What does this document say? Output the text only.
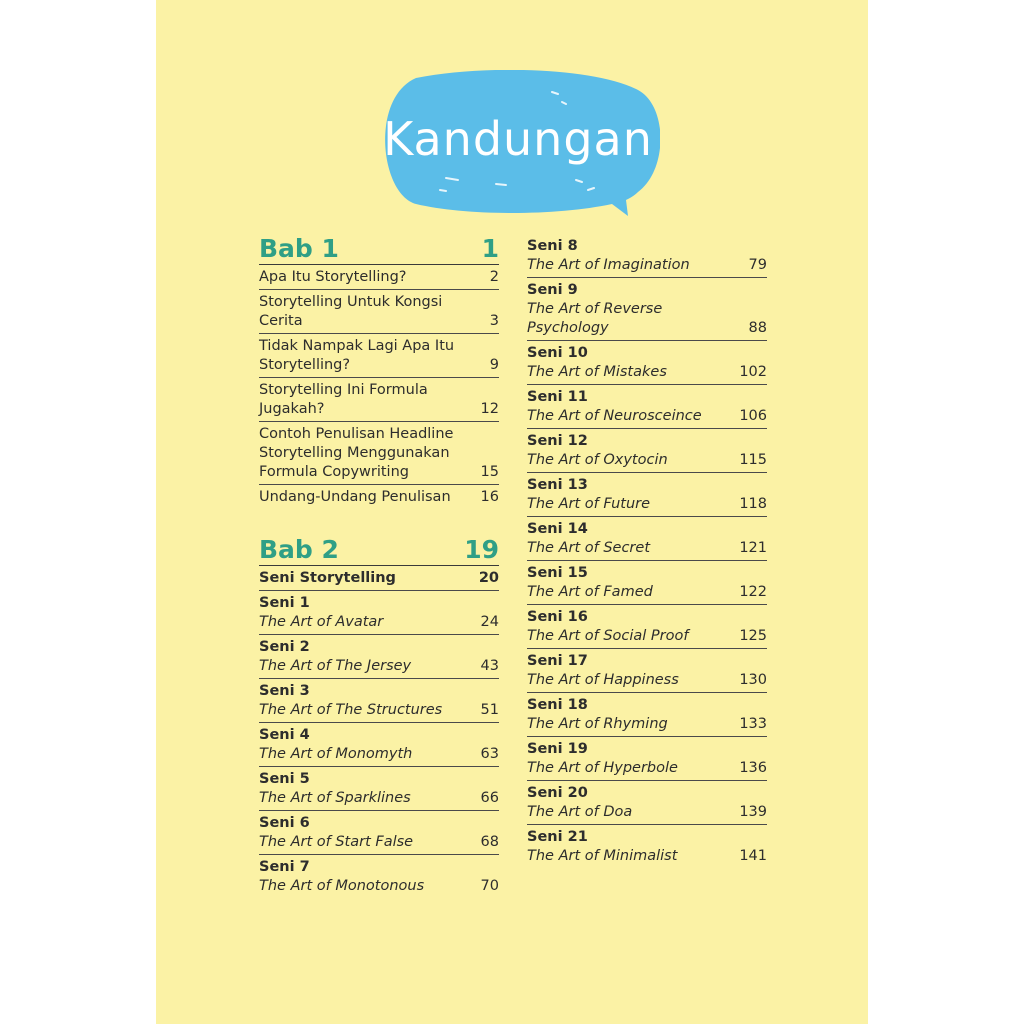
Kandungan
Bab 1	1
Apa Itu Storytelling?	2
Storytelling Untuk Kongsi Cerita	3
Tidak Nampak Lagi Apa Itu Storytelling?	9
Storytelling Ini Formula Jugakah?	12
Contoh Penulisan Headline Storytelling Menggunakan Formula Copywriting	15
Undang-Undang Penulisan	16
Bab 2	19
Seni Storytelling	20
Seni 1
The Art of Avatar	24
Seni 2
The Art of The Jersey	43
Seni 3
The Art of The Structures	51
Seni 4
The Art of Monomyth	63
Seni 5
The Art of Sparklines	66
Seni 6
The Art of Start False	68
Seni 7
The Art of Monotonous	70
Seni 8
The Art of Imagination	79
Seni 9
The Art of Reverse Psychology	88
Seni 10
The Art of Mistakes	102
Seni 11
The Art of Neurosceince	106
Seni 12
The Art of Oxytocin	115
Seni 13
The Art of Future	118
Seni 14
The Art of Secret	121
Seni 15
The Art of Famed	122
Seni 16
The Art of Social Proof	125
Seni 17
The Art of Happiness	130
Seni 18
The Art of Rhyming	133
Seni 19
The Art of Hyperbole	136
Seni 20
The Art of Doa	139
Seni 21
The Art of Minimalist	141
